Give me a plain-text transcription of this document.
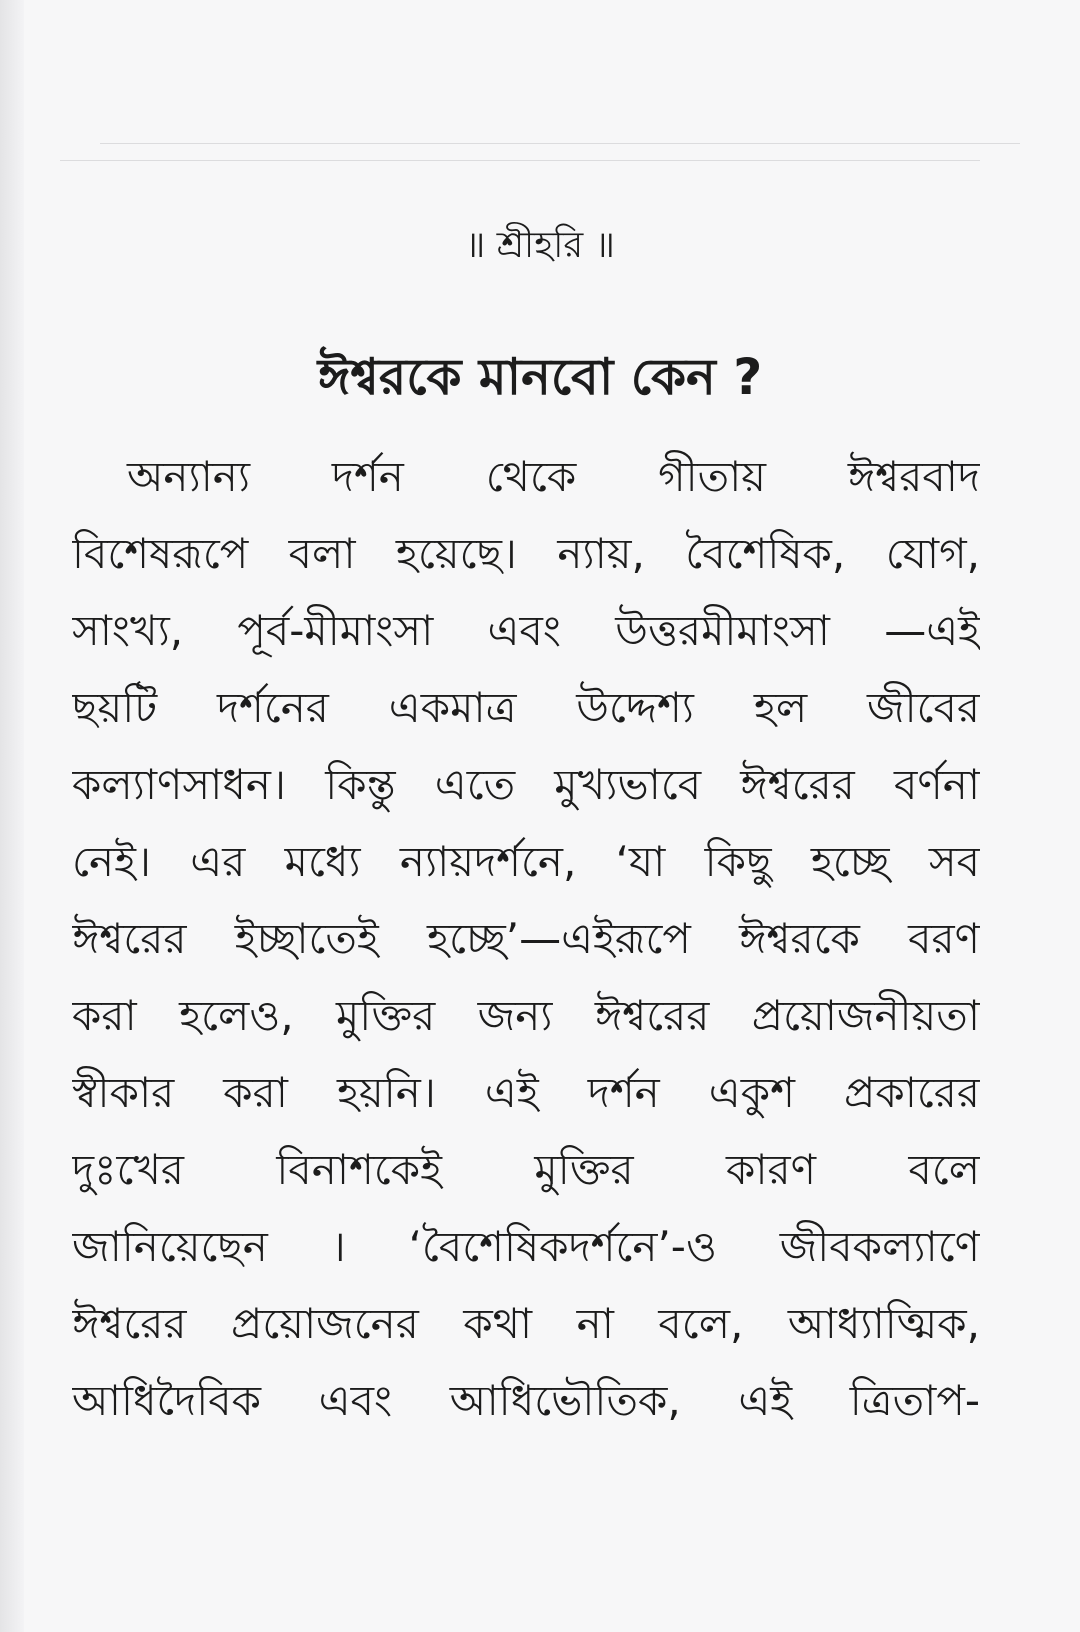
॥ শ্রীহরি ॥
ঈশ্বরকে মানবো কেন ?
অন্যান্য দর্শন থেকে গীতায় ঈশ্বরবাদ
বিশেষরূপে বলা হয়েছে। ন্যায়, বৈশেষিক, যোগ,
সাংখ্য, পূর্ব-মীমাংসা এবং উত্তরমীমাংসা —এই
ছয়টি দর্শনের একমাত্র উদ্দেশ্য হল জীবের
কল্যাণসাধন। কিন্তু এতে মুখ্যভাবে ঈশ্বরের বর্ণনা
নেই। এর মধ্যে ন্যায়দর্শনে, ‘যা কিছু হচ্ছে সব
ঈশ্বরের ইচ্ছাতেই হচ্ছে’—এইরূপে ঈশ্বরকে বরণ
করা হলেও, মুক্তির জন্য ঈশ্বরের প্রয়োজনীয়তা
স্বীকার করা হয়নি। এই দর্শন একুশ প্রকারের
দুঃখের বিনাশকেই মুক্তির কারণ বলে
জানিয়েছেন । ‘বৈশেষিকদর্শনে’-ও জীবকল্যাণে
ঈশ্বরের প্রয়োজনের কথা না বলে, আধ্যাত্মিক,
আধিদৈবিক এবং আধিভৌতিক, এই ত্রিতাপ-
